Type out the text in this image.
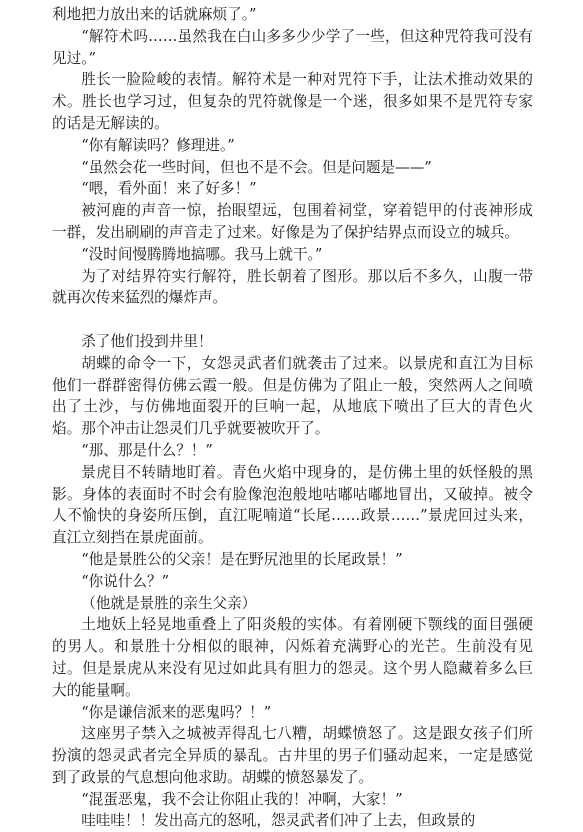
利地把力放出来的话就麻烦了。”

“解符术吗……虽然我在白山多多少少学了一些，但这种咒符我可没有见过。”

胜长一脸险峻的表情。解符术是一种对咒符下手，让法术推动效果的术。胜长也学习过，但复杂的咒符就像是一个迷，很多如果不是咒符专家的话是无解读的。

“你有解读吗？修理进。”

“虽然会花一些时间，但也不是不会。但是问题是——”

“喂，看外面！来了好多！”

被河鹿的声音一惊，抬眼望远，包围着祠堂，穿着铠甲的付丧神形成一群，发出刷刷的声音走了过来。好像是为了保护结界点而设立的城兵。

“没时间慢腾腾地搞哪。我马上就干。”

为了对结界符实行解符，胜长朝着了图形。那以后不多久，山腹一带就再次传来猛烈的爆炸声。

杀了他们投到井里！

胡蝶的命令一下，女怨灵武者们就袭击了过来。以景虎和直江为目标他们一群群密得仿佛云霞一般。但是仿佛为了阻止一般，突然两人之间喷出了土沙，与仿佛地面裂开的巨响一起，从地底下喷出了巨大的青色火焰。那个冲击让怨灵们几乎就要被吹开了。

“那、那是什么？！”

景虎目不转睛地盯着。青色火焰中现身的，是仿佛土里的妖怪般的黑影。身体的表面时不时会有脸像泡泡般地咕嘟咕嘟地冒出，又破掉。被令人不愉快的身姿所压倒，直江呢喃道“长尾……政景……”景虎回过头来，直江立刻挡在景虎面前。

“他是景胜公的父亲！是在野尻池里的长尾政景！”

“你说什么？”

（他就是景胜的亲生父亲）

土地妖上轻晃地重叠上了阳炎般的实体。有着刚硬下颚线的面目强硬的男人。和景胜十分相似的眼神，闪烁着充满野心的光芒。生前没有见过。但是景虎从来没有见过如此具有胆力的怨灵。这个男人隐藏着多么巨大的能量啊。

“你是谦信派来的恶鬼吗？！”

这座男子禁入之城被弄得乱七八糟，胡蝶愤怒了。这是跟女孩子们所扮演的怨灵武者完全异质的暴乱。古井里的男子们骚动起来，一定是感觉到了政景的气息想向他求助。胡蝶的愤怒暴发了。

“混蛋恶鬼，我不会让你阻止我的！冲啊，大家！”

哇哇哇！！发出高亢的怒吼，怨灵武者们冲了上去，但政景的
